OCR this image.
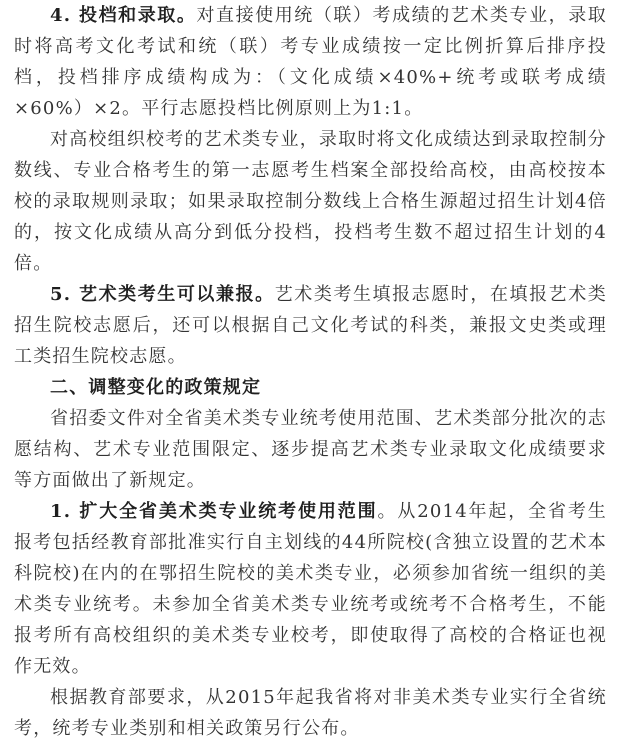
4. 投档和录取。对直接使用统（联）考成绩的艺术类专业，录取时将高考文化考试和统（联）考专业成绩按一定比例折算后排序投档，投档排序成绩构成为：（文化成绩×40%+统考或联考成绩×60%）×2。平行志愿投档比例原则上为1:1。

对高校组织校考的艺术类专业，录取时将文化成绩达到录取控制分数线、专业合格考生的第一志愿考生档案全部投给高校，由高校按本校的录取规则录取；如果录取控制分数线上合格生源超过招生计划4倍的，按文化成绩从高分到低分投档，投档考生数不超过招生计划的4倍。

5. 艺术类考生可以兼报。艺术类考生填报志愿时，在填报艺术类招生院校志愿后，还可以根据自己文化考试的科类，兼报文史类或理工类招生院校志愿。

二、调整变化的政策规定

省招委文件对全省美术类专业统考使用范围、艺术类部分批次的志愿结构、艺术专业范围限定、逐步提高艺术类专业录取文化成绩要求等方面做出了新规定。

1. 扩大全省美术类专业统考使用范围。从2014年起，全省考生报考包括经教育部批准实行自主划线的44所院校(含独立设置的艺术本科院校)在内的在鄂招生院校的美术类专业，必须参加省统一组织的美术类专业统考。未参加全省美术类专业统考或统考不合格考生，不能报考所有高校组织的美术类专业校考，即使取得了高校的合格证也视作无效。

根据教育部要求，从2015年起我省将对非美术类专业实行全省统考，统考专业类别和相关政策另行公布。
